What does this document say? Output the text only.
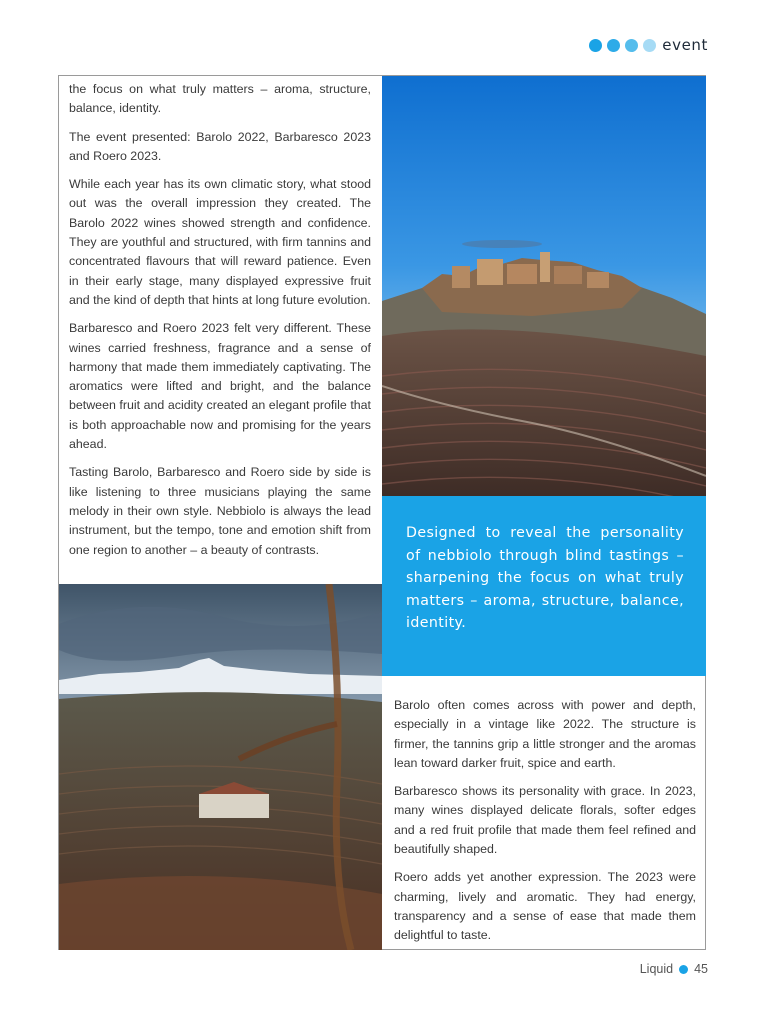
event

the focus on what truly matters – aroma, structure, balance, identity.

The event presented: Barolo 2022, Barbaresco 2023 and Roero 2023.

While each year has its own climatic story, what stood out was the overall impression they created. The Barolo 2022 wines showed strength and confidence. They are youthful and structured, with firm tannins and concentrated flavours that will reward patience. Even in their early stage, many displayed expressive fruit and the kind of depth that hints at long future evolution.

Barbaresco and Roero 2023 felt very different. These wines carried freshness, fragrance and a sense of harmony that made them immediately captivating. The aromatics were lifted and bright, and the balance between fruit and acidity created an elegant profile that is both approachable now and promising for the years ahead.

Tasting Barolo, Barbaresco and Roero side by side is like listening to three musicians playing the same melody in their own style. Nebbiolo is always the lead instrument, but the tempo, tone and emotion shift from one region to another – a beauty of contrasts.

Designed to reveal the personality of nebbiolo through blind tastings – sharpening the focus on what truly matters – aroma, structure, balance, identity.

Barolo often comes across with power and depth, especially in a vintage like 2022. The structure is firmer, the tannins grip a little stronger and the aromas lean toward darker fruit, spice and earth.

Barbaresco shows its personality with grace. In 2023, many wines displayed delicate florals, softer edges and a red fruit profile that made them feel refined and beautifully shaped.

Roero adds yet another expression. The 2023 were charming, lively and aromatic. They had energy, transparency and a sense of ease that made them delightful to taste.

Liquid 45
